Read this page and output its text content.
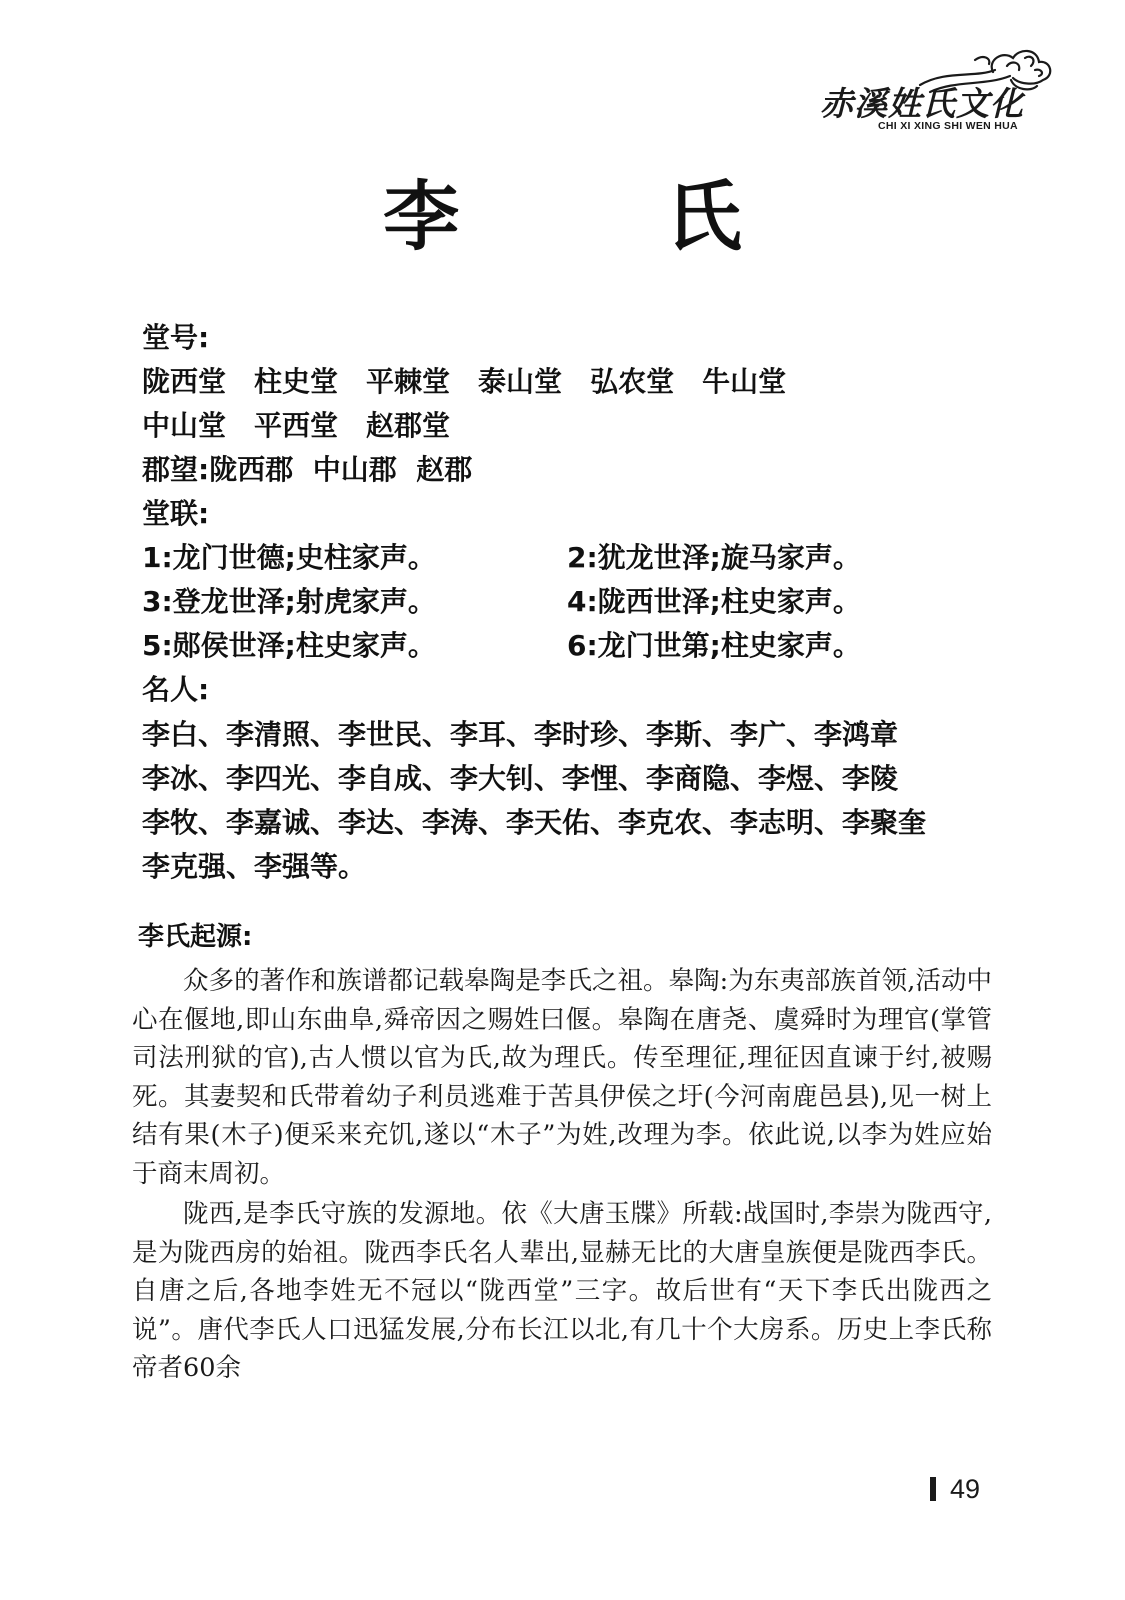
赤溪姓氏文化
CHI XI XING SHI WEN HUA
李 氏
堂号:
陇西堂 柱史堂 平棘堂 泰山堂 弘农堂 牛山堂
中山堂 平西堂 赵郡堂
郡望:陇西郡  中山郡  赵郡
堂联:
1:龙门世德;史柱家声。	2:犹龙世泽;旋马家声。
3:登龙世泽;射虎家声。	4:陇西世泽;柱史家声。
5:郧侯世泽;柱史家声。	6:龙门世第;柱史家声。
名人:
李白、李清照、李世民、李耳、李时珍、李斯、李广、李鸿章
李冰、李四光、李自成、李大钊、李悝、李商隐、李煜、李陵
李牧、李嘉诚、李达、李涛、李天佑、李克农、李志明、李聚奎
李克强、李强等。
李氏起源:

众多的著作和族谱都记载皋陶是李氏之祖。皋陶:为东夷部族首领,活动中心在偃地,即山东曲阜,舜帝因之赐姓曰偃。皋陶在唐尧、虞舜时为理官(掌管司法刑狱的官),古人惯以官为氏,故为理氏。传至理征,理征因直谏于纣,被赐死。其妻契和氏带着幼子利员逃难于苦具伊侯之圩(今河南鹿邑县),见一树上结有果(木子)便采来充饥,遂以“木子”为姓,改理为李。依此说,以李为姓应始于商末周初。

陇西,是李氏守族的发源地。依《大唐玉牒》所载:战国时,李崇为陇西守,是为陇西房的始祖。陇西李氏名人辈出,显赫无比的大唐皇族便是陇西李氏。自唐之后,各地李姓无不冠以“陇西堂”三字。故后世有“天下李氏出陇西之说”。唐代李氏人口迅猛发展,分布长江以北,有几十个大房系。历史上李氏称帝者60余

49
